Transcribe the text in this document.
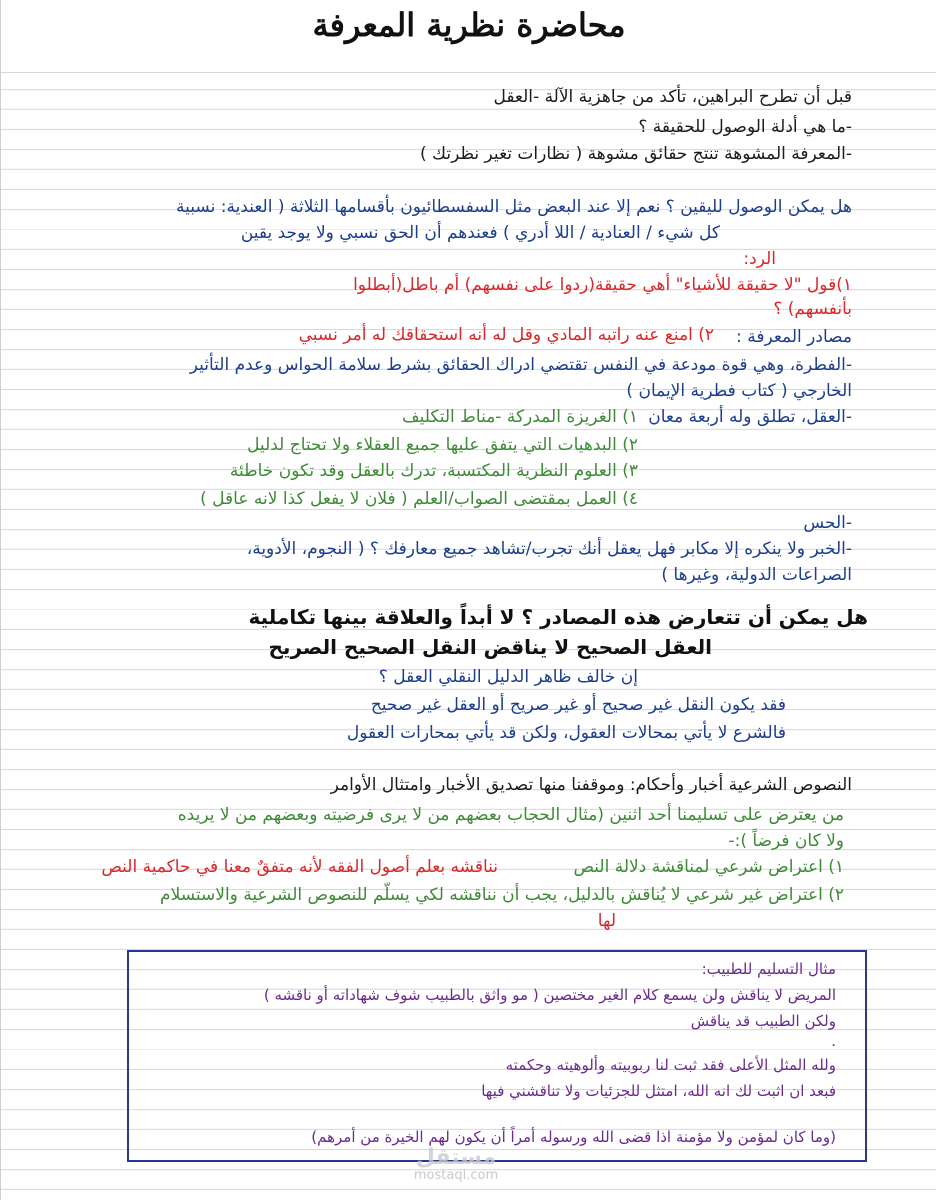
محاضرة نظرية المعرفة
قبل أن تطرح البراهين، تأكد من جاهزية الآلة -العقل
-ما هي أدلة الوصول للحقيقة ؟
-المعرفة المشوهة تنتج حقائق مشوهة ( نظارات تغير نظرتك )
هل يمكن الوصول لليقين ؟ نعم إلا عند البعض مثل السفسطائيون بأقسامها الثلاثة ( العندية: نسبية
كل شيء / العنادية / اللا أدري ) فعندهم أن الحق نسبي ولا يوجد يقين
الرد:
١)قول "لا حقيقة للأشياء" أهي حقيقة(ردوا على نفسهم) أم باطل(أبطلوا
بأنفسهم) ؟
٢) امنع عنه راتبه المادي وقل له أنه استحقاقك له أمر نسبي مصادر المعرفة :
-الفطرة، وهي قوة مودعة في النفس تقتضي ادراك الحقائق بشرط سلامة الحواس وعدم التأثير
الخارجي ( كتاب فطرية الإيمان )
-العقل، تطلق وله أربعة معان
١) الغريزة المدركة -مناط التكليف
٢) البدهيات التي يتفق عليها جميع العقلاء ولا تحتاج لدليل
٣) العلوم النظرية المكتسبة، تدرك بالعقل وقد تكون خاطئة
٤) العمل بمقتضى الصواب/العلم ( فلان لا يفعل كذا لانه عاقل )
-الحس
-الخبر ولا ينكره إلا مكابر فهل يعقل أنك تجرب/تشاهد جميع معارفك ؟ ( النجوم، الأدوية،
الصراعات الدولية، وغيرها )
هل يمكن أن تتعارض هذه المصادر ؟ لا أبداً والعلاقة بينها تكاملية
العقل الصحيح لا يناقض النقل الصحيح الصريح
إن خالف ظاهر الدليل النقلي العقل ؟
فقد يكون النقل غير صحيح أو غير صريح أو العقل غير صحيح
فالشرع لا يأتي بمحالات العقول، ولكن قد يأتي بمحارات العقول
النصوص الشرعية أخبار وأحكام: وموقفنا منها تصديق الأخبار وامتثال الأوامر
من يعترض على تسليمنا أحد اثنين (مثال الحجاب بعضهم من لا يرى فرضيته وبعضهم من لا يريده
ولا كان فرضاً ):-
١) اعتراض شرعي لمناقشة دلالة النص
نناقشه بعلم أصول الفقه لأنه متفقٌ معنا في حاكمية النص
٢) اعتراض غير شرعي لا يُناقش بالدليل، يجب أن نناقشه لكي يسلّم للنصوص الشرعية والاستسلام
لها
مثال التسليم للطبيب:
المريض لا يناقش ولن يسمع كلام الغير مختصين ( مو واثق بالطبيب شوف شهاداته أو ناقشه )
ولكن الطبيب قد يناقش
.
ولله المثل الأعلى فقد ثبت لنا ربوبيته وألوهيته وحكمته
فبعد ان اثبت لك انه الله، امتثل للجزئيات ولا تناقشني فيها
(وما كان لمؤمن ولا مؤمنة اذا قضى الله ورسوله أمراً أن يكون لهم الخيرة من أمرهم)
مستقل
mostaql.com
